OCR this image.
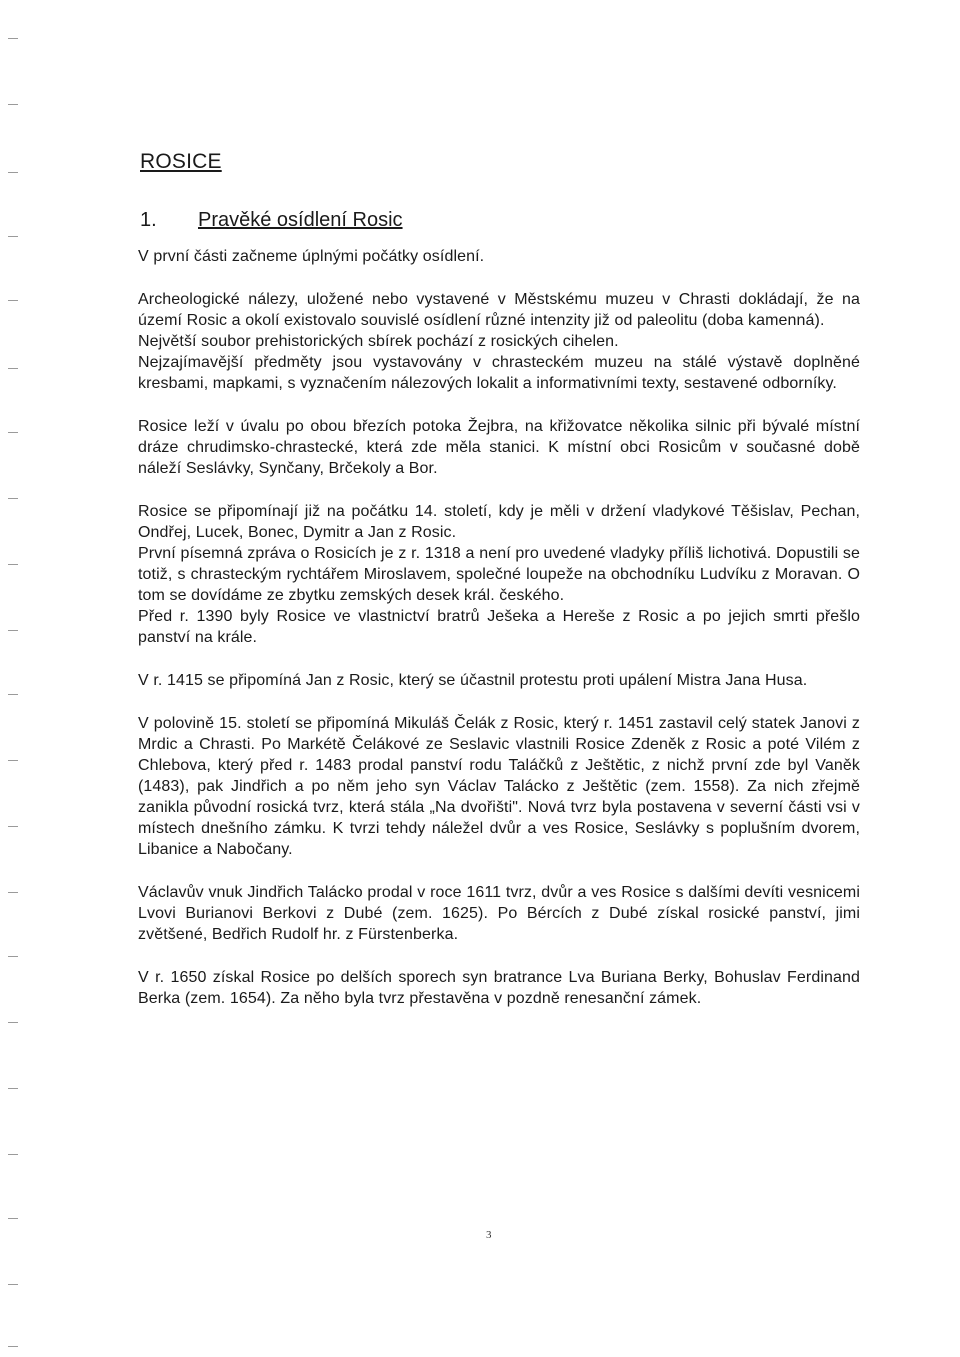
ROSICE
1. Pravěké osídlení Rosic

V první části začneme úplnými počátky osídlení.

Archeologické nálezy, uložené nebo vystavené v Městskému muzeu v Chrasti dokládají, že na území Rosic a okolí existovalo souvislé osídlení různé intenzity již od paleolitu (doba kamenná).

Největší soubor prehistorických sbírek pochází z rosických cihelen.

Nejzajímavější předměty jsou vystavovány v chrasteckém muzeu na stálé výstavě doplněné kresbami, mapkami, s vyznačením nálezových lokalit a informativními texty, sestavené odborníky.

Rosice leží v úvalu po obou březích potoka Žejbra, na křižovatce několika silnic při bývalé místní dráze chrudimsko-chrastecké, která zde měla stanici. K místní obci Rosicům v současné době náleží Seslávky, Synčany, Brčekoly a Bor.

Rosice se připomínají již na počátku 14. století, kdy je měli v držení vladykové Těšislav, Pechan, Ondřej, Lucek, Bonec, Dymitr a Jan z Rosic.

První písemná zpráva o Rosicích je z r. 1318 a není pro uvedené vladyky příliš lichotivá. Dopustili se totiž, s chrasteckým rychtářem Miroslavem, společné loupeže na obchodníku Ludvíku z Moravan. O tom se dovídáme ze zbytku zemských desek král. českého.

Před r. 1390 byly Rosice ve vlastnictví bratrů Ješeka a Hereše z Rosic a po jejich smrti přešlo panství na krále.

V r. 1415 se připomíná Jan z Rosic, který se účastnil protestu proti upálení Mistra Jana Husa.

V polovině 15. století se připomíná Mikuláš Čelák z Rosic, který r. 1451 zastavil celý statek Janovi z Mrdic a Chrasti. Po Markétě Čelákové ze Seslavic vlastnili Rosice Zdeněk z Rosic a poté Vilém z Chlebova, který před r. 1483 prodal panství rodu Taláčků z Ještětic, z nichž první zde byl Vaněk (1483), pak Jindřich a po něm jeho syn Václav Talácko z Ještětic (zem. 1558). Za nich zřejmě zanikla původní rosická tvrz, která stála „Na dvořišti". Nová tvrz byla postavena v severní části vsi v místech dnešního zámku. K tvrzi tehdy náležel dvůr a ves Rosice, Seslávky s poplušním dvorem, Libanice a Nabočany.

Václavův vnuk Jindřich Talácko prodal v roce 1611 tvrz, dvůr a ves Rosice s dalšími devíti vesnicemi Lvovi Burianovi Berkovi z Dubé (zem. 1625). Po Bércích z Dubé získal rosické panství, jimi zvětšené, Bedřich Rudolf hr. z Fürstenberka.

V r. 1650 získal Rosice po delších sporech syn bratrance Lva Buriana Berky, Bohuslav Ferdinand Berka (zem. 1654). Za něho byla tvrz přestavěna v pozdně renesanční zámek.

3
